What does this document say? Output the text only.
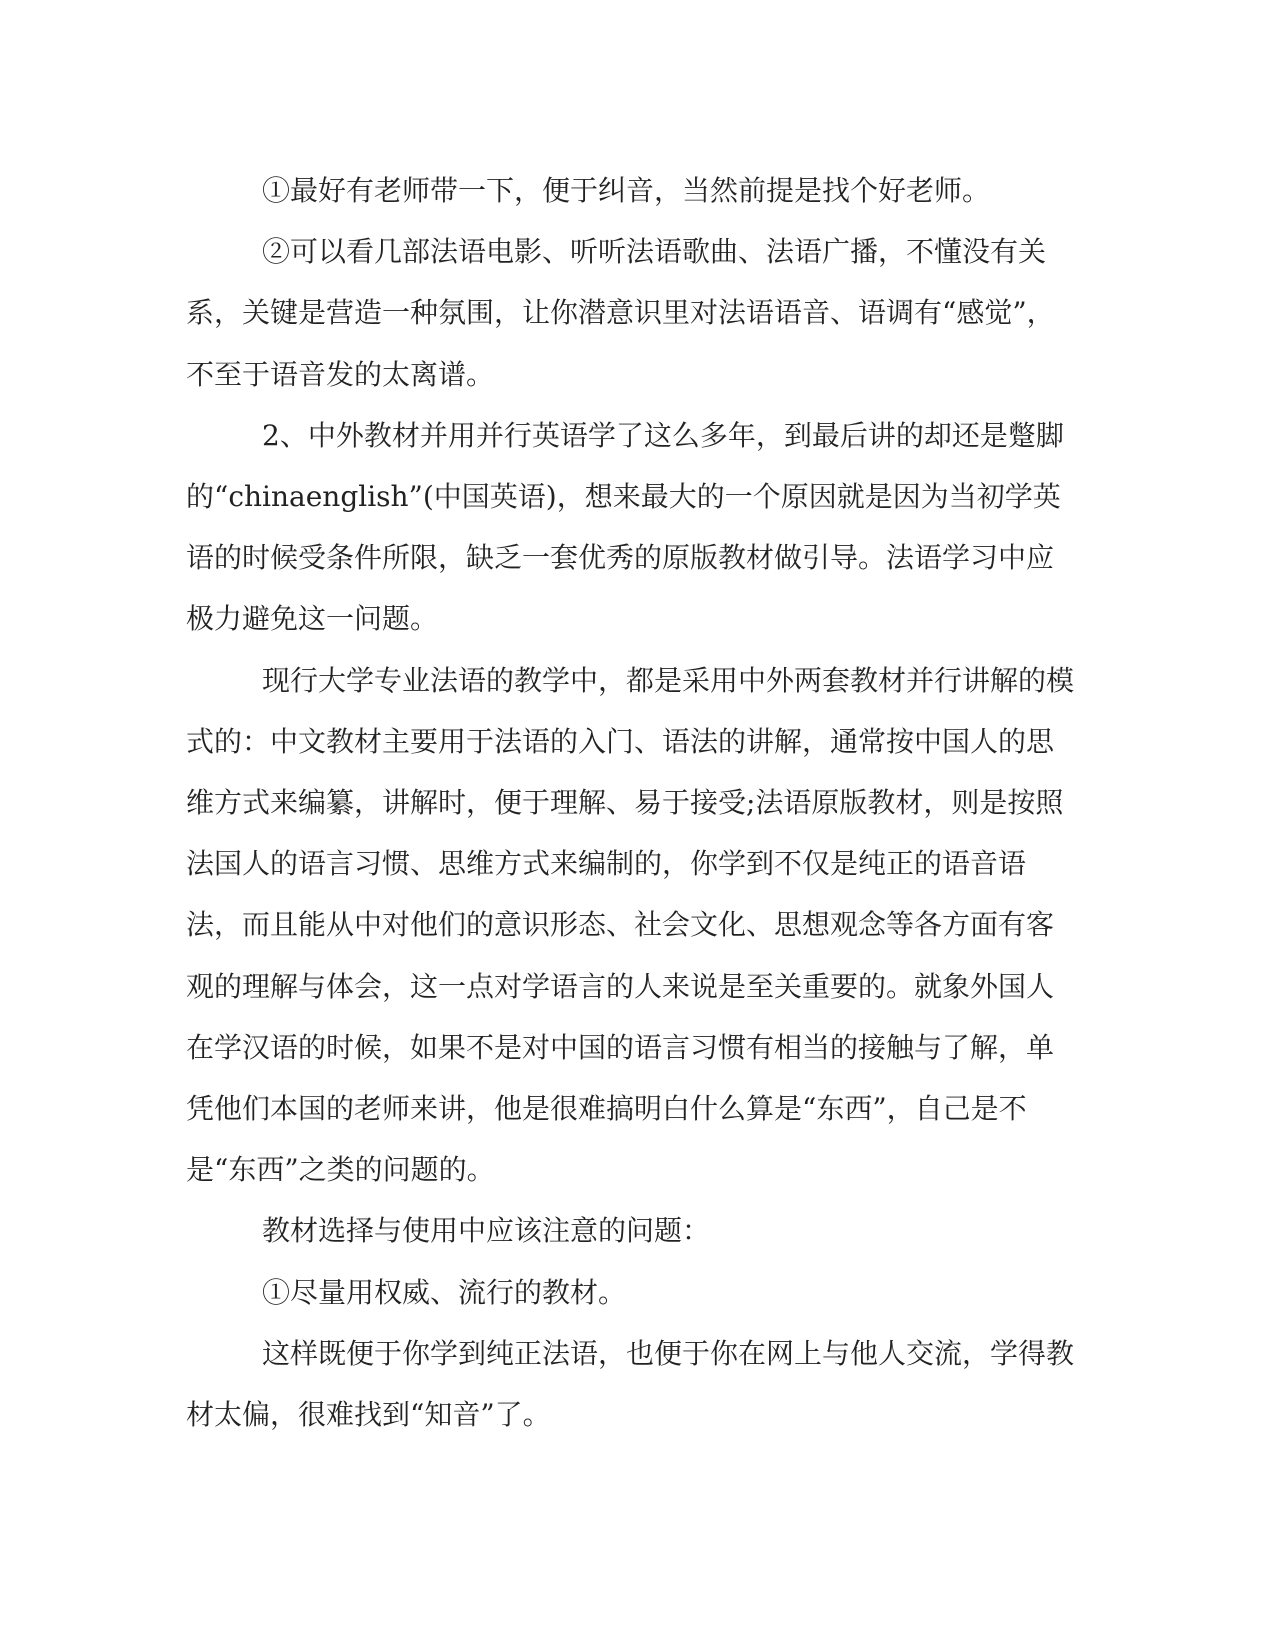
①最好有老师带一下，便于纠音，当然前提是找个好老师。

②可以看几部法语电影、听听法语歌曲、法语广播，不懂没有关系，关键是营造一种氛围，让你潜意识里对法语语音、语调有“感觉”，不至于语音发的太离谱。

2、中外教材并用并行英语学了这么多年，到最后讲的却还是蹩脚的“chinaenglish”(中国英语)，想来最大的一个原因就是因为当初学英语的时候受条件所限，缺乏一套优秀的原版教材做引导。法语学习中应极力避免这一问题。

现行大学专业法语的教学中，都是采用中外两套教材并行讲解的模式的：中文教材主要用于法语的入门、语法的讲解，通常按中国人的思维方式来编纂，讲解时，便于理解、易于接受;法语原版教材，则是按照法国人的语言习惯、思维方式来编制的，你学到不仅是纯正的语音语法，而且能从中对他们的意识形态、社会文化、思想观念等各方面有客观的理解与体会，这一点对学语言的人来说是至关重要的。就象外国人在学汉语的时候，如果不是对中国的语言习惯有相当的接触与了解，单凭他们本国的老师来讲，他是很难搞明白什么算是“东西”，自己是不是“东西”之类的问题的。

教材选择与使用中应该注意的问题：

①尽量用权威、流行的教材。

这样既便于你学到纯正法语，也便于你在网上与他人交流，学得教材太偏，很难找到“知音”了。
